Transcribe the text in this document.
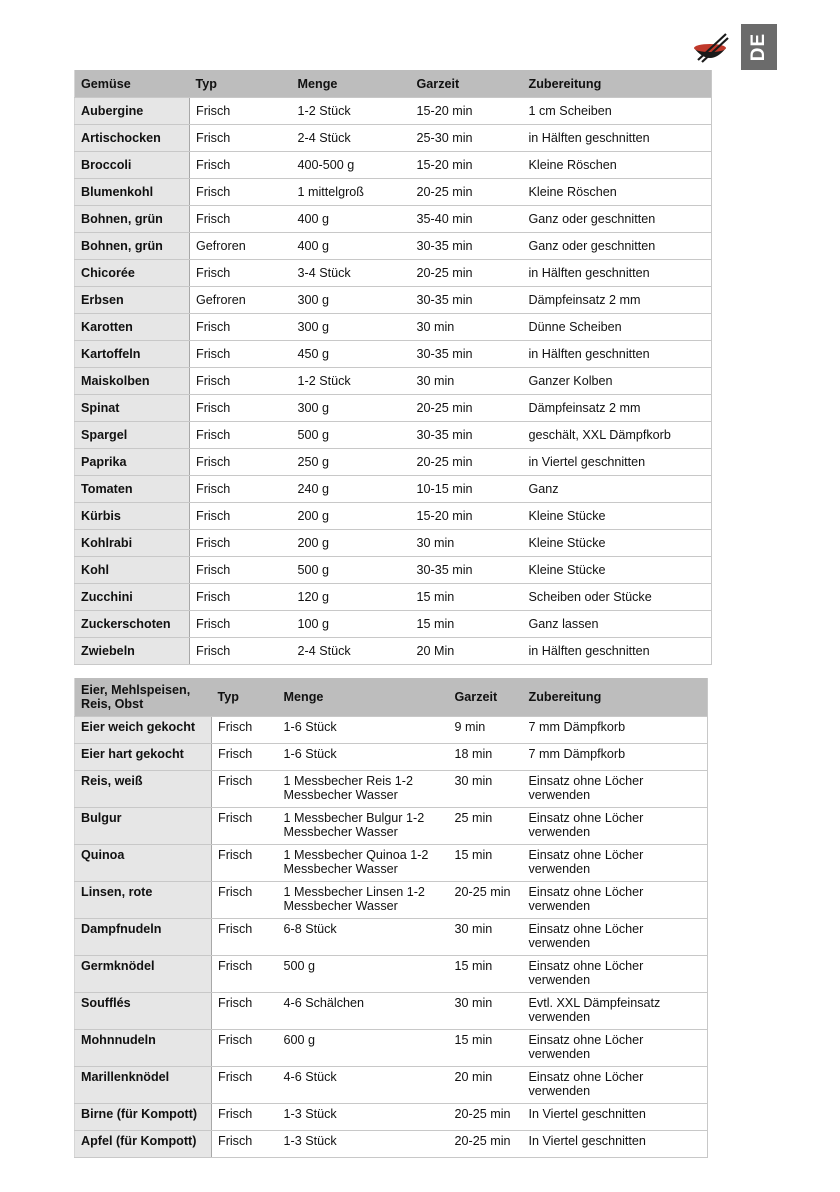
DE
Gemüse	Typ	Menge	Garzeit	Zubereitung
Aubergine	Frisch	1-2 Stück	15-20 min	1 cm Scheiben
Artischocken	Frisch	2-4 Stück	25-30 min	in Hälften geschnitten
Broccoli	Frisch	400-500 g	15-20 min	Kleine Röschen
Blumenkohl	Frisch	1 mittelgroß	20-25 min	Kleine Röschen
Bohnen, grün	Frisch	400 g	35-40 min	Ganz oder geschnitten
Bohnen, grün	Gefroren	400 g	30-35 min	Ganz oder geschnitten
Chicorée	Frisch	3-4 Stück	20-25 min	in Hälften geschnitten
Erbsen	Gefroren	300 g	30-35 min	Dämpfeinsatz 2 mm
Karotten	Frisch	300 g	30 min	Dünne Scheiben
Kartoffeln	Frisch	450 g	30-35 min	in Hälften geschnitten
Maiskolben	Frisch	1-2 Stück	30 min	Ganzer Kolben
Spinat	Frisch	300 g	20-25 min	Dämpfeinsatz 2 mm
Spargel	Frisch	500 g	30-35 min	geschält, XXL Dämpfkorb
Paprika	Frisch	250 g	20-25 min	in Viertel geschnitten
Tomaten	Frisch	240 g	10-15 min	Ganz
Kürbis	Frisch	200 g	15-20 min	Kleine Stücke
Kohlrabi	Frisch	200 g	30 min	Kleine Stücke
Kohl	Frisch	500 g	30-35 min	Kleine Stücke
Zucchini	Frisch	120 g	15 min	Scheiben oder Stücke
Zuckerschoten	Frisch	100 g	15 min	Ganz lassen
Zwiebeln	Frisch	2-4 Stück	20 Min	in Hälften geschnitten
Eier, Mehlspeisen, Reis, Obst	Typ	Menge	Garzeit	Zubereitung
Eier weich gekocht	Frisch	1-6 Stück	9 min	7 mm Dämpfkorb
Eier hart gekocht	Frisch	1-6 Stück	18 min	7 mm Dämpfkorb
Reis, weiß	Frisch	1 Messbecher Reis 1-2 Messbecher Wasser	30 min	Einsatz ohne Löcher verwenden
Bulgur	Frisch	1 Messbecher Bulgur 1-2 Messbecher Wasser	25 min	Einsatz ohne Löcher verwenden
Quinoa	Frisch	1 Messbecher Quinoa 1-2 Messbecher Wasser	15 min	Einsatz ohne Löcher verwenden
Linsen, rote	Frisch	1 Messbecher Linsen 1-2 Messbecher Wasser	20-25 min	Einsatz ohne Löcher verwenden
Dampfnudeln	Frisch	6-8 Stück	30 min	Einsatz ohne Löcher verwenden
Germknödel	Frisch	500 g	15 min	Einsatz ohne Löcher verwenden
Soufflés	Frisch	4-6 Schälchen	30 min	Evtl. XXL Dämpfeinsatz verwenden
Mohnnudeln	Frisch	600 g	15 min	Einsatz ohne Löcher verwenden
Marillenknödel	Frisch	4-6 Stück	20 min	Einsatz ohne Löcher verwenden
Birne (für Kompott)	Frisch	1-3 Stück	20-25 min	In Viertel geschnitten
Apfel (für Kompott)	Frisch	1-3 Stück	20-25 min	In Viertel geschnitten
